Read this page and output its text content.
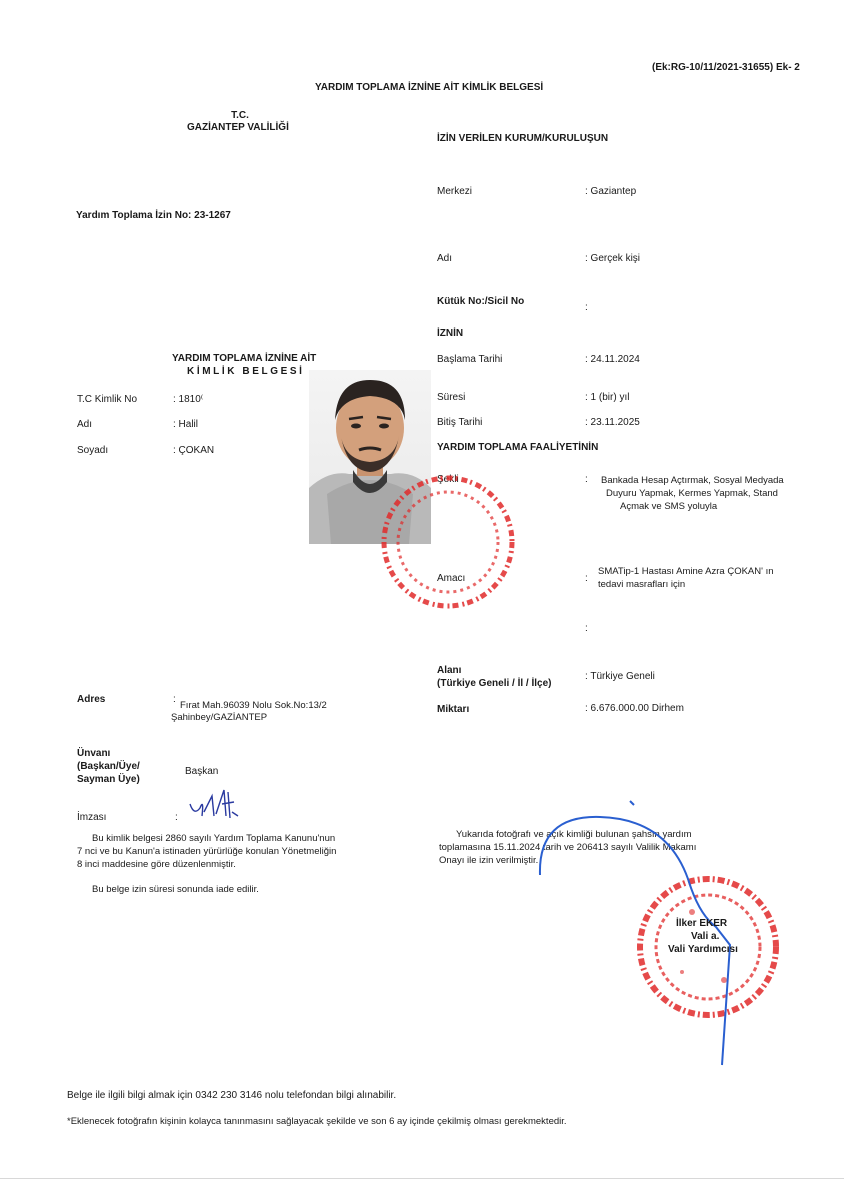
(Ek:RG-10/11/2021-31655) Ek- 2
YARDIM TOPLAMA İZNİNE AİT KİMLİK BELGESİ
T.C.
GAZİANTEP VALİLİĞİ
Yardım Toplama İzin No: 23-1267
YARDIM TOPLAMA İZNİNE AİT
KİMLİK BELGESİ
T.C Kimlik No	: 1810⁽
Adı	: Halil
Soyadı	: ÇOKAN
Adres	:
Fırat Mah.96039 Nolu Sok.No:13/2
Şahinbey/GAZİANTEP
Ünvanı
(Başkan/Üye/
Sayman Üye)
Başkan
İmzası	:
Bu kimlik belgesi 2860 sayılı Yardım Toplama Kanunu'nun
7 nci ve bu Kanun'a istinaden yürürlüğe konulan Yönetmeliğin
8 inci maddesine göre düzenlenmiştir.
Bu belge izin süresi sonunda iade edilir.
İZİN VERİLEN KURUM/KURULUŞUN
Merkezi	: Gaziantep
Adı	: Gerçek kişi
Kütük No:/Sicil No
:
İZNİN
Başlama Tarihi	: 24.11.2024
Süresi	: 1 (bir) yıl
Bitiş Tarihi	: 23.11.2025
YARDIM TOPLAMA FAALİYETİNİN
Şekli	: Bankada Hesap Açtırmak, Sosyal Medyada
Duyuru Yapmak, Kermes Yapmak, Stand
Açmak ve SMS yoluyla
Amacı	:
SMATip-1 Hastası Amine Azra ÇOKAN' ın
tedavi masrafları için
:
Alanı
(Türkiye Geneli / İl / İlçe)
: Türkiye Geneli
Miktarı	: 6.676.000.00 Dirhem
Yukarıda fotoğrafı ve açık kimliği bulunan şahsın yardım
toplamasına 15.11.2024 tarih ve 206413 sayılı Valilik Makamı
Onayı ile izin verilmiştir.
İlker EKER
Vali a.
Vali Yardımcısı
Belge ile ilgili bilgi almak için 0342 230 3146 nolu telefondan bilgi alınabilir.
*Eklenecek fotoğrafın kişinin kolayca tanınmasını sağlayacak şekilde ve son 6 ay içinde çekilmiş olması gerekmektedir.
